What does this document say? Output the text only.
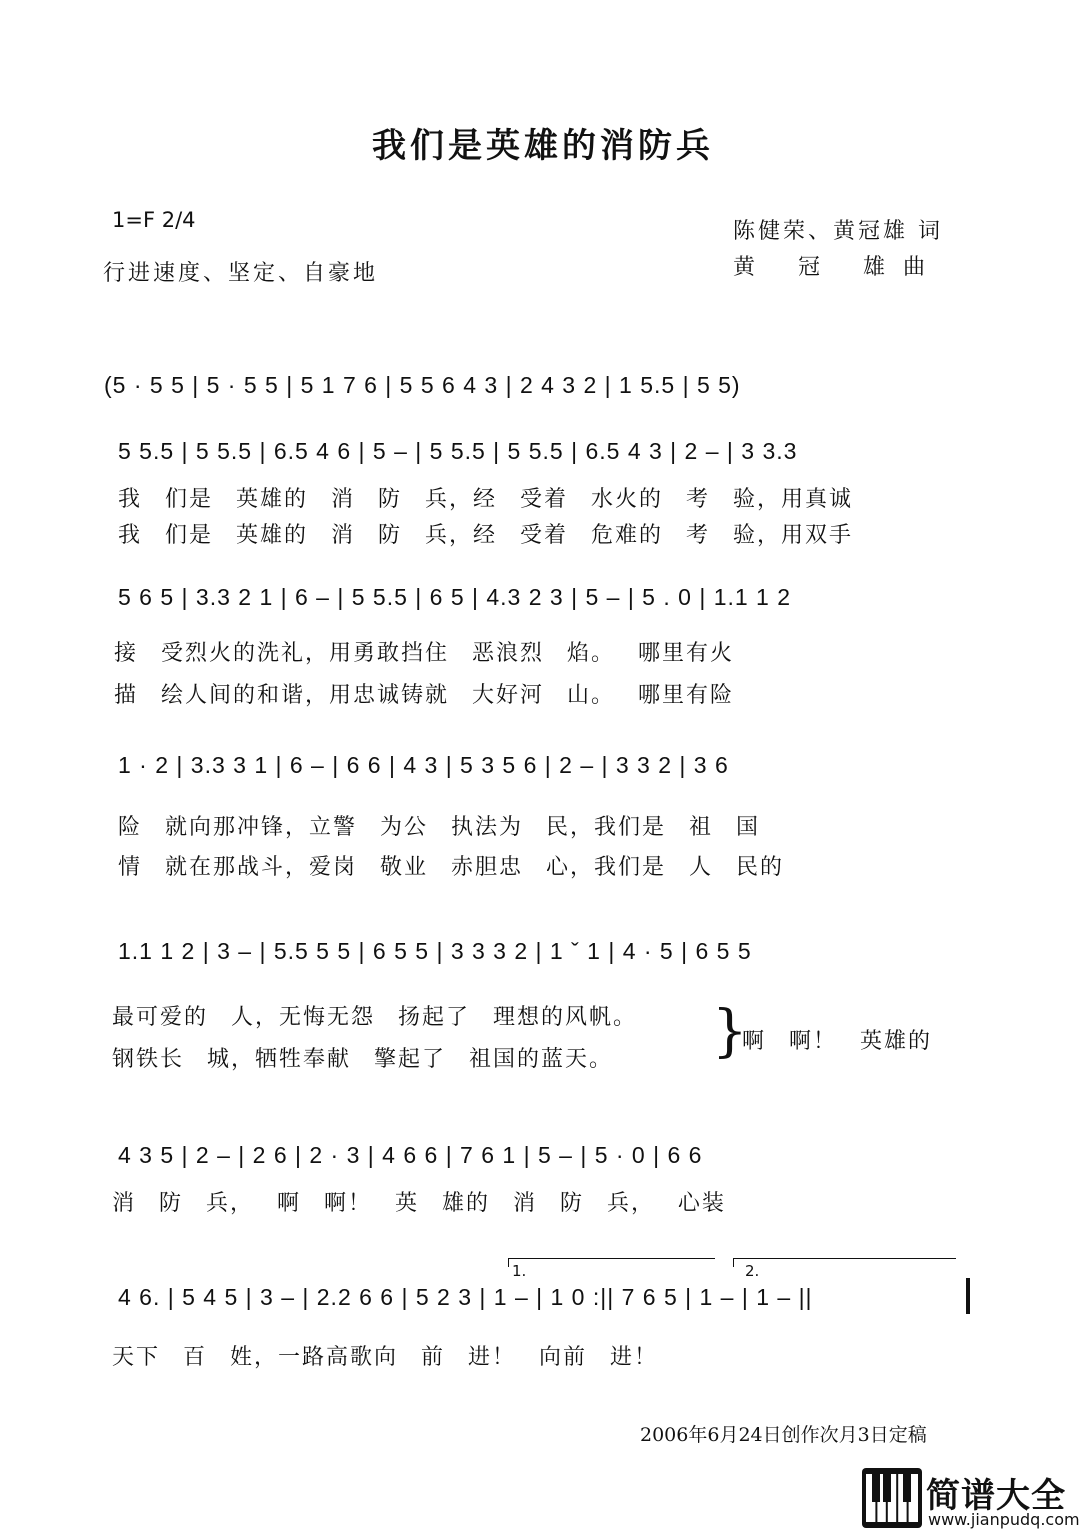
我们是英雄的消防兵
1=F 2/4
行进速度、坚定、自豪地
陈健荣、黄冠雄 词
黄 冠 雄曲
(5 · 5 5 | 5 · 5 5 | 5 1 7 6 | 5 5 6 4 3 | 2 4 3 2 | 1 5.5 | 5 5)
5 5.5 | 5 5.5 | 6.5 4 6 | 5 – | 5 5.5 | 5 5.5 | 6.5 4 3 | 2 – | 3 3.3
我 们是 英雄的 消 防 兵，经 受着 水火的 考 验，用真诚
我 们是 英雄的 消 防 兵，经 受着 危难的 考 验，用双手
5 6 5 | 3.3 2 1 | 6 – | 5 5.5 | 6 5 | 4.3 2 3 | 5 – | 5 . 0 | 1.1 1 2
接 受烈火的洗礼，用勇敢挡住 恶浪烈 焰。 哪里有火
描 绘人间的和谐，用忠诚铸就 大好河 山。 哪里有险
1 · 2 | 3.3 3 1 | 6 – | 6 6 | 4 3 | 5 3 5 6 | 2 – | 3 3 2 | 3 6
险 就向那冲锋，立警 为公 执法为 民，我们是 祖 国
情 就在那战斗，爱岗 敬业 赤胆忠 心，我们是 人 民的
1.1 1 2 | 3 – | 5.5 5 5 | 6 5 5 | 3 3 3 2 | 1 ˇ 1 | 4 · 5 | 6 5 5
最可爱的 人，无悔无怨 扬起了 理想的风帆。
钢铁长 城，牺牲奉献 擎起了 祖国的蓝天。 }
啊 啊！ 英雄的
4 3 5 | 2 – | 2 6 | 2 · 3 | 4 6 6 | 7 6 1 | 5 – | 5 · 0 | 6 6
消 防 兵， 啊 啊！ 英 雄的 消 防 兵， 心装
1.	2.
4 6. | 5 4 5 | 3 – | 2.2 6 6 | 5 2 3 | 1 – | 1 0 :|| 7 6 5 | 1 – | 1 – ||
天下 百 姓，一路高歌向 前 进！ 向前 进！
2006年6月24日创作次月3日定稿
简谱大全
www.jianpudq.com
